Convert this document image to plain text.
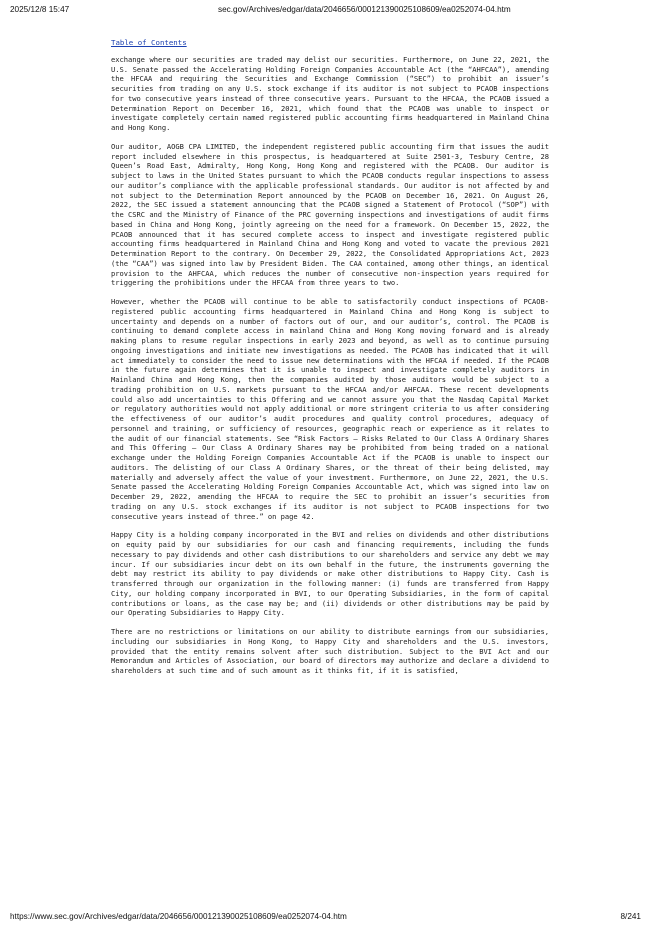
2025/12/8 15:47	sec.gov/Archives/edgar/data/2046656/000121390025108609/ea0252074-04.htm
Table of Contents

exchange where our securities are traded may delist our securities. Furthermore, on June 22, 2021, the U.S. Senate passed the Accelerating Holding Foreign Companies Accountable Act (the “AHFCAA”), amending the HFCAA and requiring the Securities and Exchange Commission (“SEC”) to prohibit an issuer’s securities from trading on any U.S. stock exchange if its auditor is not subject to PCAOB inspections for two consecutive years instead of three consecutive years. Pursuant to the HFCAA, the PCAOB issued a Determination Report on December 16, 2021, which found that the PCAOB was unable to inspect or investigate completely certain named registered public accounting firms headquartered in Mainland China and Hong Kong.

Our auditor, AOGB CPA LIMITED, the independent registered public accounting firm that issues the audit report included elsewhere in this prospectus, is headquartered at Suite 2501-3, Tesbury Centre, 28 Queen’s Road East, Admiralty, Hong Kong, Hong Kong and registered with the PCAOB. Our auditor is subject to laws in the United States pursuant to which the PCAOB conducts regular inspections to assess our auditor’s compliance with the applicable professional standards. Our auditor is not affected by and not subject to the Determination Report announced by the PCAOB on December 16, 2021. On August 26, 2022, the SEC issued a statement announcing that the PCAOB signed a Statement of Protocol (“SOP”) with the CSRC and the Ministry of Finance of the PRC governing inspections and investigations of audit firms based in China and Hong Kong, jointly agreeing on the need for a framework. On December 15, 2022, the PCAOB announced that it has secured complete access to inspect and investigate registered public accounting firms headquartered in Mainland China and Hong Kong and voted to vacate the previous 2021 Determination Report to the contrary. On December 29, 2022, the Consolidated Appropriations Act, 2023 (the “CAA”) was signed into law by President Biden. The CAA contained, among other things, an identical provision to the AHFCAA, which reduces the number of consecutive non-inspection years required for triggering the prohibitions under the HFCAA from three years to two.

However, whether the PCAOB will continue to be able to satisfactorily conduct inspections of PCAOB-registered public accounting firms headquartered in Mainland China and Hong Kong is subject to uncertainty and depends on a number of factors out of our, and our auditor’s, control. The PCAOB is continuing to demand complete access in mainland China and Hong Kong moving forward and is already making plans to resume regular inspections in early 2023 and beyond, as well as to continue pursuing ongoing investigations and initiate new investigations as needed. The PCAOB has indicated that it will act immediately to consider the need to issue new determinations with the HFCAA if needed. If the PCAOB in the future again determines that it is unable to inspect and investigate completely auditors in Mainland China and Hong Kong, then the companies audited by those auditors would be subject to a trading prohibition on U.S. markets pursuant to the HFCAA and/or AHFCAA. These recent developments could also add uncertainties to this Offering and we cannot assure you that the Nasdaq Capital Market or regulatory authorities would not apply additional or more stringent criteria to us after considering the effectiveness of our auditor’s audit procedures and quality control procedures, adequacy of personnel and training, or sufficiency of resources, geographic reach or experience as it relates to the audit of our financial statements. See “Risk Factors — Risks Related to Our Class A Ordinary Shares and This Offering — Our Class A Ordinary Shares may be prohibited from being traded on a national exchange under the Holding Foreign Companies Accountable Act if the PCAOB is unable to inspect our auditors. The delisting of our Class A Ordinary Shares, or the threat of their being delisted, may materially and adversely affect the value of your investment. Furthermore, on June 22, 2021, the U.S. Senate passed the Accelerating Holding Foreign Companies Accountable Act, which was signed into law on December 29, 2022, amending the HFCAA to require the SEC to prohibit an issuer’s securities from trading on any U.S. stock exchanges if its auditor is not subject to PCAOB inspections for two consecutive years instead of three.” on page 42.

Happy City is a holding company incorporated in the BVI and relies on dividends and other distributions on equity paid by our subsidiaries for our cash and financing requirements, including the funds necessary to pay dividends and other cash distributions to our shareholders and service any debt we may incur. If our subsidiaries incur debt on its own behalf in the future, the instruments governing the debt may restrict its ability to pay dividends or make other distributions to Happy City. Cash is transferred through our organization in the following manner: (i) funds are transferred from Happy City, our holding company incorporated in BVI, to our Operating Subsidiaries, in the form of capital contributions or loans, as the case may be; and (ii) dividends or other distributions may be paid by our Operating Subsidiaries to Happy City.

There are no restrictions or limitations on our ability to distribute earnings from our subsidiaries, including our subsidiaries in Hong Kong, to Happy City and shareholders and the U.S. investors, provided that the entity remains solvent after such distribution. Subject to the BVI Act and our Memorandum and Articles of Association, our board of directors may authorize and declare a dividend to shareholders at such time and of such amount as it thinks fit, if it is satisfied,

https://www.sec.gov/Archives/edgar/data/2046656/000121390025108609/ea0252074-04.htm	8/241
